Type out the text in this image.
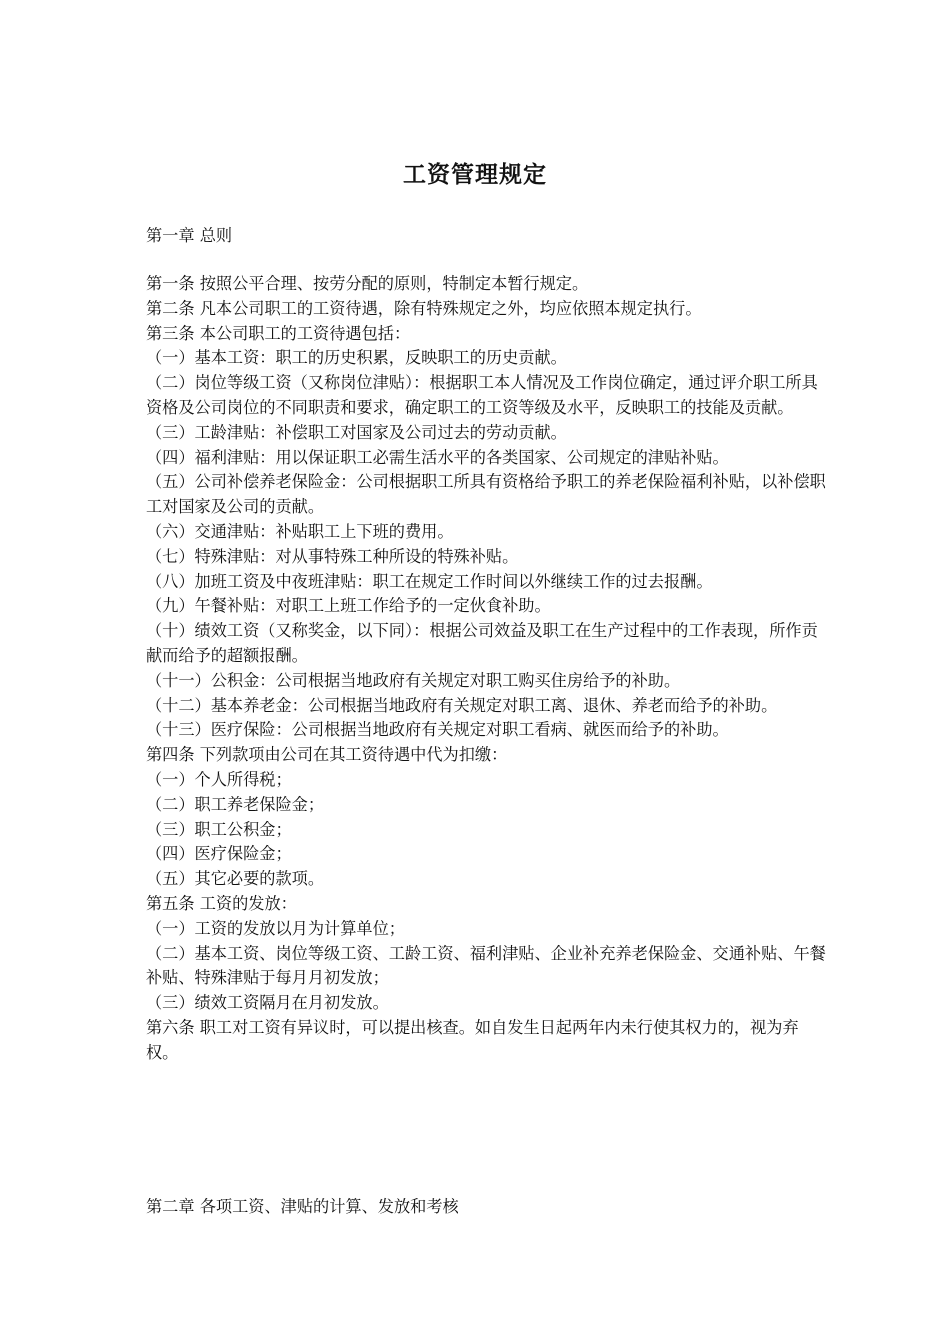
工资管理规定
第一章 总则

第一条 按照公平合理、按劳分配的原则，特制定本暂行规定。

第二条 凡本公司职工的工资待遇，除有特殊规定之外，均应依照本规定执行。

第三条 本公司职工的工资待遇包括：

（一）基本工资：职工的历史积累，反映职工的历史贡献。

（二）岗位等级工资（又称岗位津贴）：根据职工本人情况及工作岗位确定，通过评介职工所具资格及公司岗位的不同职责和要求，确定职工的工资等级及水平，反映职工的技能及贡献。

（三）工龄津贴：补偿职工对国家及公司过去的劳动贡献。

（四）福利津贴：用以保证职工必需生活水平的各类国家、公司规定的津贴补贴。

（五）公司补偿养老保险金：公司根据职工所具有资格给予职工的养老保险福利补贴，以补偿职工对国家及公司的贡献。

（六）交通津贴：补贴职工上下班的费用。

（七）特殊津贴：对从事特殊工种所设的特殊补贴。

（八）加班工资及中夜班津贴：职工在规定工作时间以外继续工作的过去报酬。

（九）午餐补贴：对职工上班工作给予的一定伙食补助。

（十）绩效工资（又称奖金，以下同）：根据公司效益及职工在生产过程中的工作表现，所作贡献而给予的超额报酬。

（十一）公积金：公司根据当地政府有关规定对职工购买住房给予的补助。

（十二）基本养老金：公司根据当地政府有关规定对职工离、退休、养老而给予的补助。

（十三）医疗保险：公司根据当地政府有关规定对职工看病、就医而给予的补助。

第四条 下列款项由公司在其工资待遇中代为扣缴：

（一）个人所得税；

（二）职工养老保险金；

（三）职工公积金；

（四）医疗保险金；

（五）其它必要的款项。

第五条 工资的发放：

（一）工资的发放以月为计算单位；

（二）基本工资、岗位等级工资、工龄工资、福利津贴、企业补充养老保险金、交通补贴、午餐补贴、特殊津贴于每月月初发放；

（三）绩效工资隔月在月初发放。

第六条 职工对工资有异议时，可以提出核查。如自发生日起两年内未行使其权力的，视为弃权。

第二章 各项工资、津贴的计算、发放和考核
